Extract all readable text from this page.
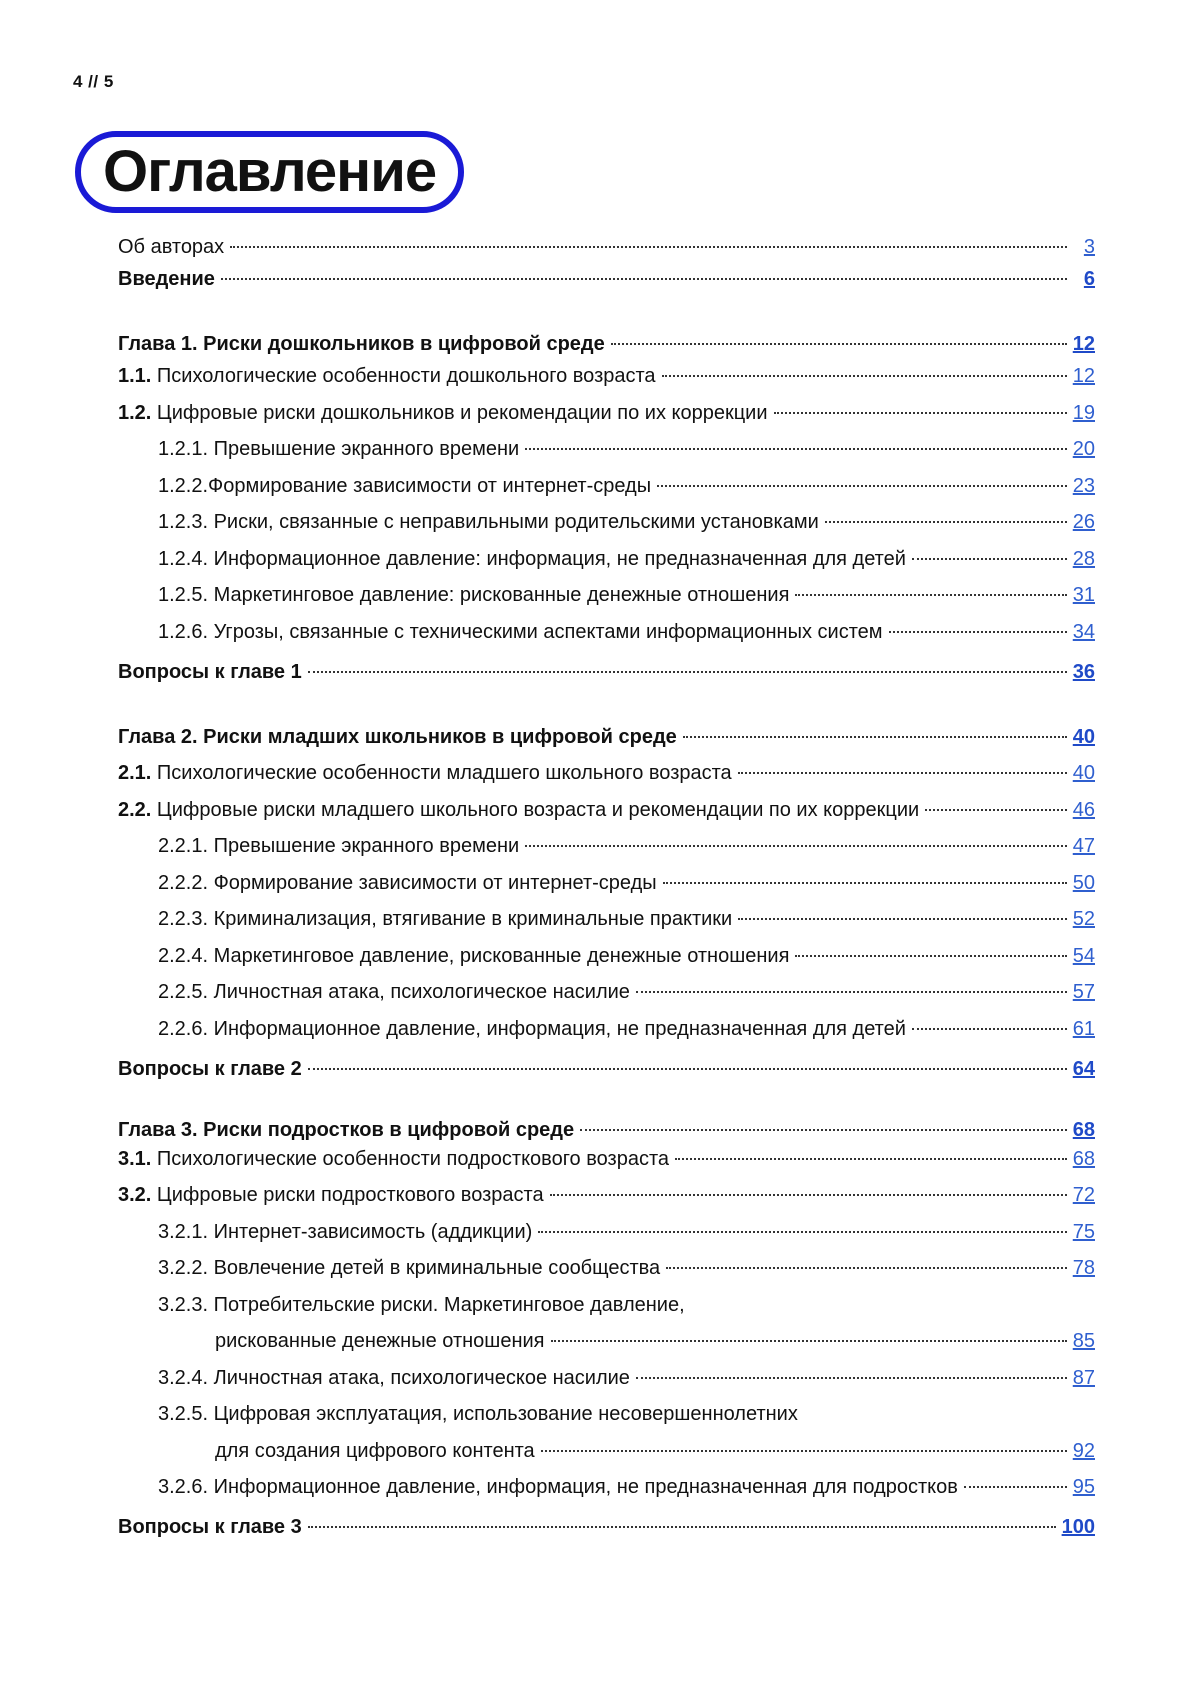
4 // 5
Оглавление
Об авторах	3
Введение	6
Глава 1. Риски дошкольников в цифровой среде	12
1.1. Психологические особенности дошкольного возраста	12
1.2. Цифровые риски дошкольников и рекомендации по их коррекции	19
1.2.1. Превышение экранного времени	20
1.2.2.Формирование зависимости от интернет-среды	23
1.2.3. Риски, связанные с неправильными родительскими установками	26
1.2.4. Информационное давление: информация, не предназначенная для детей	28
1.2.5. Маркетинговое давление: рискованные денежные отношения	31
1.2.6. Угрозы, связанные с техническими аспектами информационных систем	34
Вопросы к главе 1	36
Глава 2. Риски младших школьников в цифровой среде	40
2.1. Психологические особенности младшего школьного возраста	40
2.2. Цифровые риски младшего школьного возраста и рекомендации по их коррекции	46
2.2.1. Превышение экранного времени	47
2.2.2. Формирование зависимости от интернет-среды	50
2.2.3. Криминализация, втягивание в криминальные практики	52
2.2.4. Маркетинговое давление, рискованные денежные отношения	54
2.2.5. Личностная атака, психологическое насилие	57
2.2.6. Информационное давление, информация, не предназначенная для детей	61
Вопросы к главе 2	64
Глава 3. Риски подростков в цифровой среде	68
3.1. Психологические особенности подросткового возраста	68
3.2. Цифровые риски подросткового возраста	72
3.2.1. Интернет-зависимость (аддикции)	75
3.2.2. Вовлечение детей в криминальные сообщества	78
3.2.3. Потребительские риски. Маркетинговое давление,
рискованные денежные отношения	85
3.2.4. Личностная атака, психологическое насилие	87
3.2.5. Цифровая эксплуатация, использование несовершеннолетних
для создания цифрового контента	92
3.2.6. Информационное давление, информация, не предназначенная для подростков	95
Вопросы к главе 3	100
